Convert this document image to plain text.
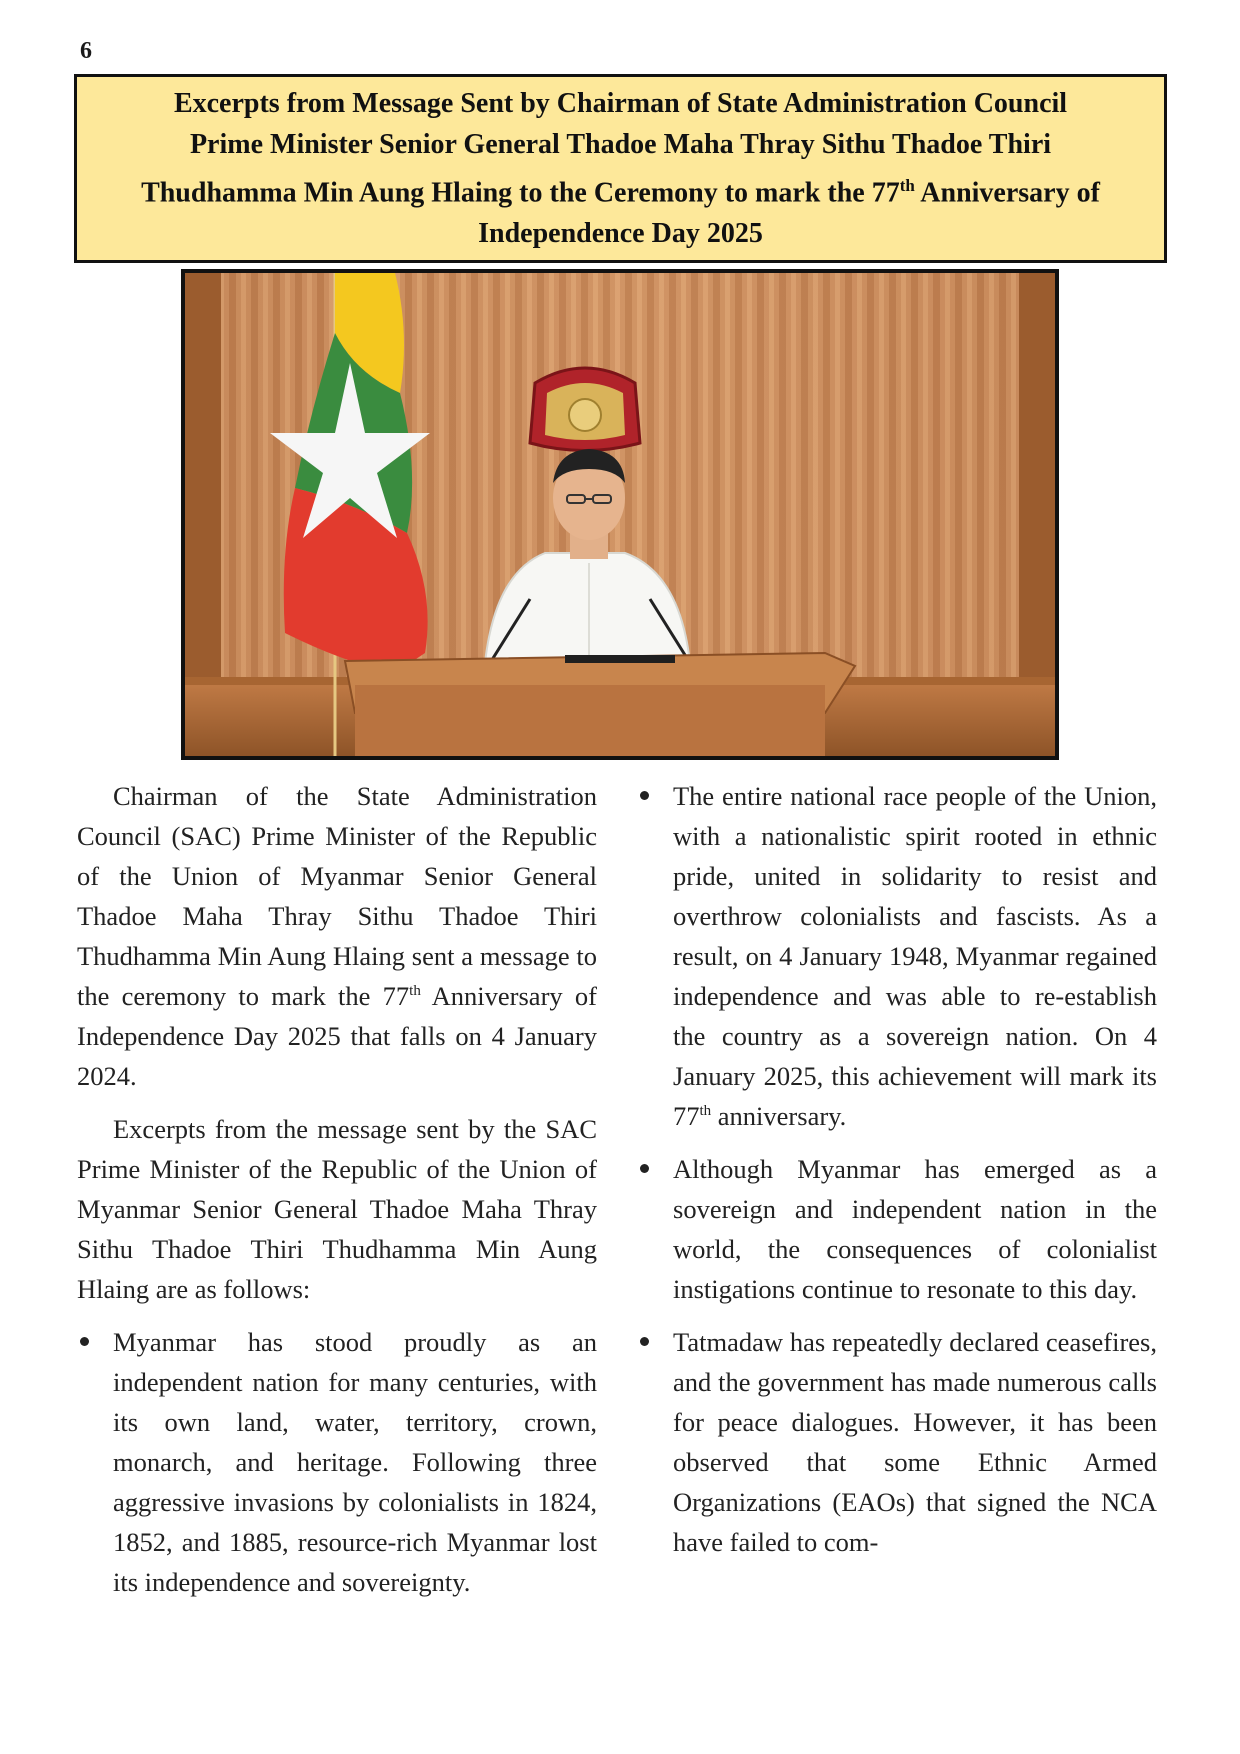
6
Excerpts from Message Sent by Chairman of State Administration Council
Prime Minister Senior General Thadoe Maha Thray Sithu Thadoe Thiri
Thudhamma Min Aung Hlaing to the Ceremony to mark the 77th Anniversary of
Independence Day 2025

Chairman of the State Administration Council (SAC) Prime Minister of the Republic of the Union of Myanmar Senior General Thadoe Maha Thray Sithu Thadoe Thiri Thudhamma Min Aung Hlaing sent a message to the ceremony to mark the 77th Anniversary of Independence Day 2025 that falls on 4 January 2024.

Excerpts from the message sent by the SAC Prime Minister of the Republic of the Union of Myanmar Senior General Thadoe Maha Thray Sithu Thadoe Thiri Thudhamma Min Aung Hlaing are as follows:

Myanmar has stood proudly as an independent nation for many centuries, with its own land, water, territory, crown, monarch, and heritage. Following three aggressive invasions by colonialists in 1824, 1852, and 1885, resource-rich Myanmar lost its independence and sovereignty.
The entire national race people of the Union, with a nationalistic spirit rooted in ethnic pride, united in solidarity to resist and overthrow colonialists and fascists. As a result, on 4 January 1948, Myanmar regained independence and was able to re-establish the country as a sovereign nation. On 4 January 2025, this achievement will mark its 77th anniversary.
Although Myanmar has emerged as a sovereign and independent nation in the world, the consequences of colonialist instigations continue to resonate to this day.
Tatmadaw has repeatedly declared ceasefires, and the government has made numerous calls for peace dialogues. However, it has been observed that some Ethnic Armed Organizations (EAOs) that signed the NCA have failed to com-
